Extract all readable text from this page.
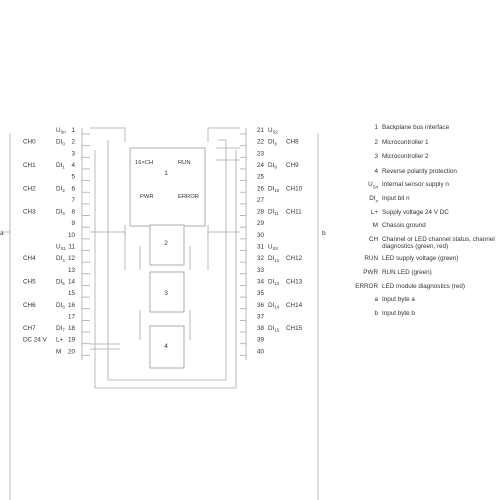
1
2
3
4
16×CH	RUN
PWR	ERROR
a	b
$U_{Sn}$ 1
CH0	$DI_0$ 2
3
CH1	$DI_1$ 4
5
CH2	$DI_2$ 6
7
CH3	$DI_3$ 8
9
10
$U_{S1}$ 11
CH4	$DI_4$ 12
13
CH5	$DI_5$ 14
15
CH6	$DI_6$ 16
17
CH7	$DI_7$ 18
DC 24 V L+ 19
M 20
21 $U_{S2}$
22 $DI_8$ CH8
23
24 $DI_9$ CH9
25
26 $DI_{10}$ CH10
27
28 $DI_{11}$ CH11
29
30
31 $U_{S3}$
32 $DI_{12}$ CH12
33
34 $DI_{13}$ CH13
35
36 $DI_{14}$ CH14
37
38 $DI_{15}$ CH15
39
40
1 Backplane bus interface
2 Microcontroller 1
3 Microcontroller 2
4 Reverse polarity protection
$U_{Sn}$ Internal sensor supply n
$DI_n$ Input bit n
L+ Supply voltage 24 V DC
M Chassis ground
CH Channel or LED channel status, channel diagnostics (green, red)
RUN LED supply voltage (green)
PWR RUN LED (green)
ERROR LED module diagnostics (red)
a Input byte a
b Input byte b
